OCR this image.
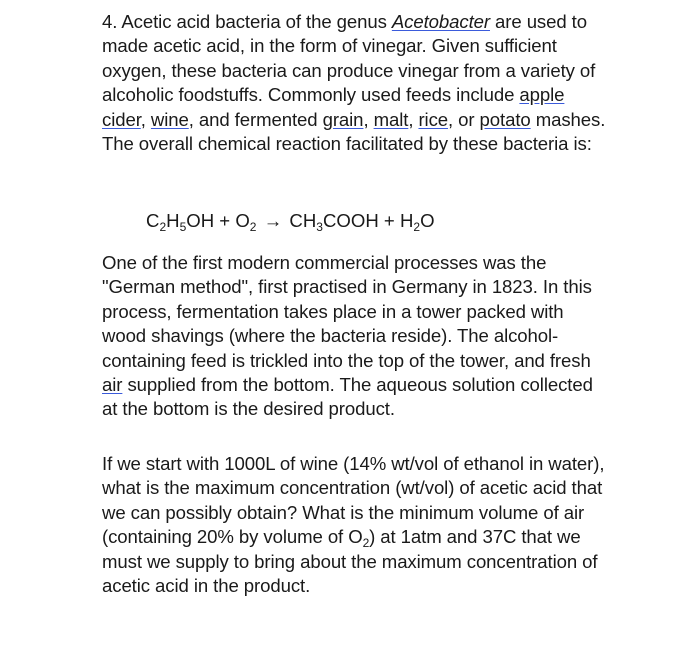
4. Acetic acid bacteria of the genus Acetobacter are used to made acetic acid, in the form of vinegar. Given sufficient oxygen, these bacteria can produce vinegar from a variety of alcoholic foodstuffs. Commonly used feeds include apple cider, wine, and fermented grain, malt, rice, or potato mashes. The overall chemical reaction facilitated by these bacteria is:

$C_2H_5OH + O_2$ → $CH_3COOH + H_2O$

One of the first modern commercial processes was the "German method", first practised in Germany in 1823. In this process, fermentation takes place in a tower packed with wood shavings (where the bacteria reside). The alcohol-containing feed is trickled into the top of the tower, and fresh air supplied from the bottom. The aqueous solution collected at the bottom is the desired product.

If we start with 1000L of wine (14% wt/vol of ethanol in water), what is the maximum concentration (wt/vol) of acetic acid that we can possibly obtain? What is the minimum volume of air (containing 20% by volume of $O_2$) at 1atm and 37C that we must we supply to bring about the maximum concentration of acetic acid in the product.
